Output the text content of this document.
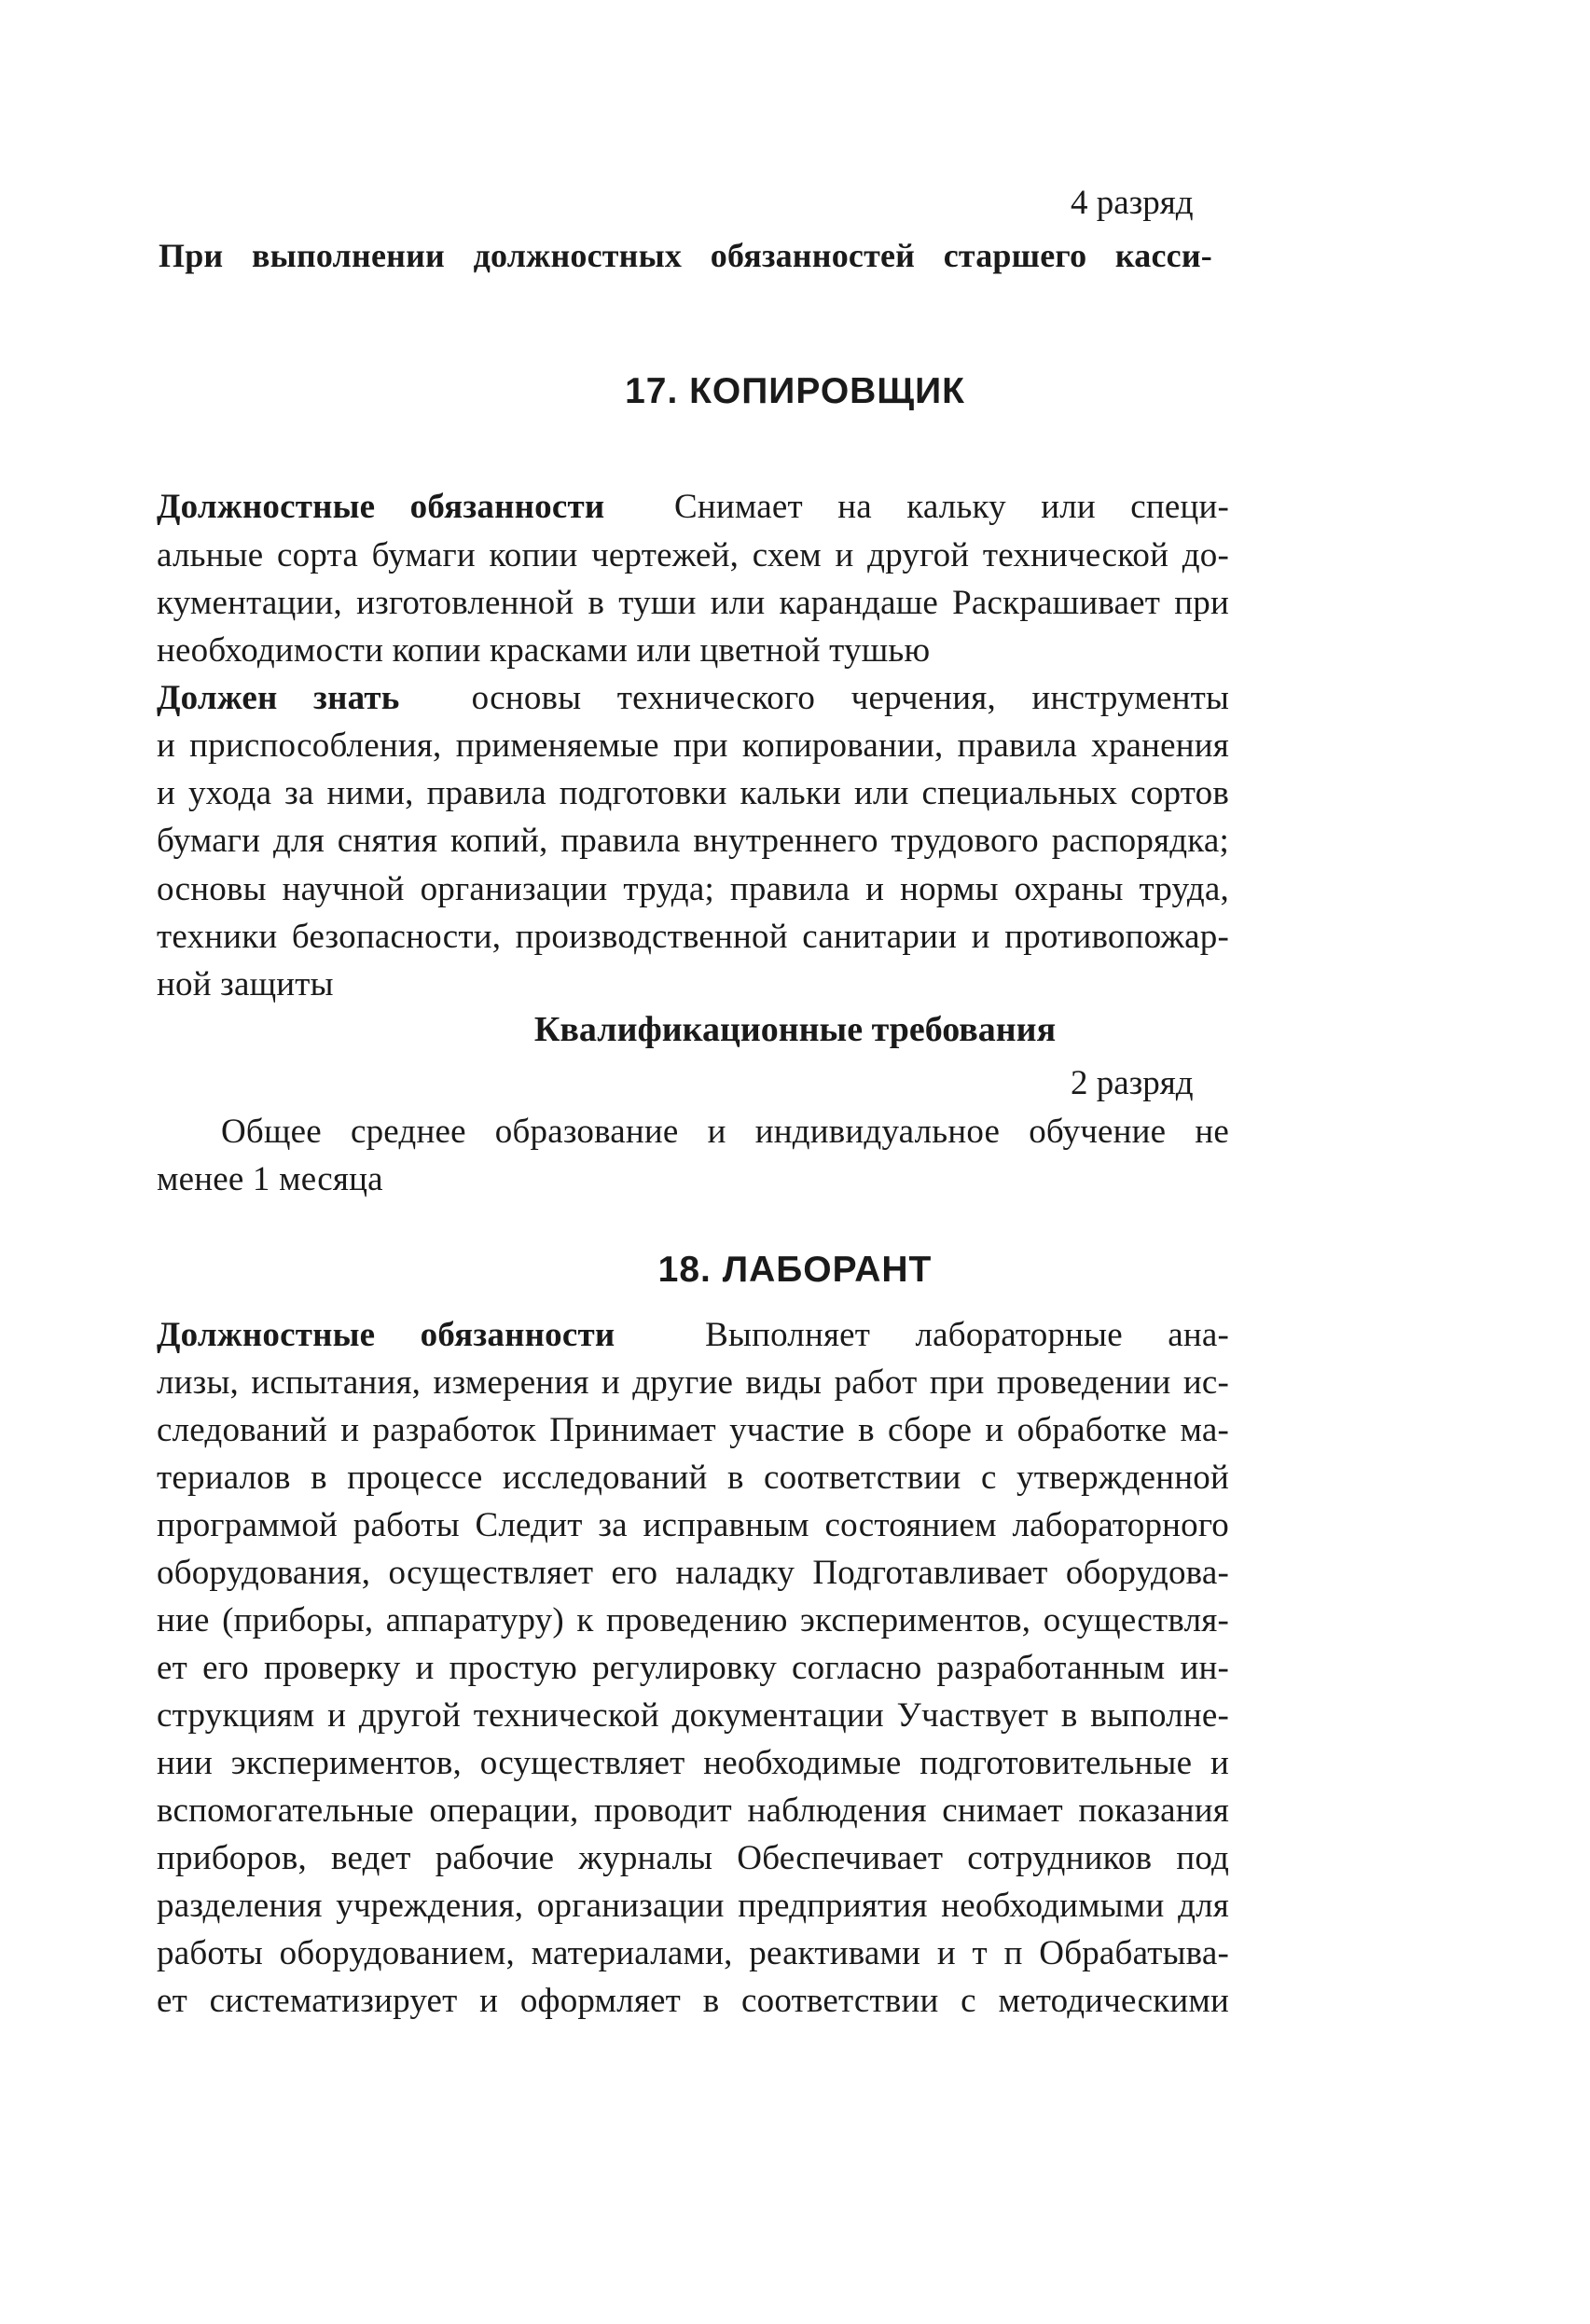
4 разряд
При выполнении должностных обязанностей старшего касси-
17. КОПИРОВЩИК
Должностные обязанности Снимает на кальку или специ-
альные сорта бумаги копии чертежей, схем и другой технической до-
кументации, изготовленной в туши или карандаше Раскрашивает при
необходимости копии красками или цветной тушью
Должен знать основы технического черчения, инструменты
и приспособления, применяемые при копировании, правила хранения
и ухода за ними, правила подготовки кальки или специальных сортов
бумаги для снятия копий, правила внутреннего трудового распорядка;
основы научной организации труда; правила и нормы охраны труда,
техники безопасности, производственной санитарии и противопожар-
ной защиты
Квалификационные требования
2 разряд
Общее среднее образование и индивидуальное обучение не
менее 1 месяца
18. ЛАБОРАНТ
Должностные обязанности	Выполняет лабораторные ана-
лизы, испытания, измерения и другие виды работ при проведении ис-
следований и разработок Принимает участие в сборе и обработке ма-
териалов в процессе исследований в соответствии с утвержденной
программой работы Следит за исправным состоянием лабораторного
оборудования, осуществляет его наладку Подготавливает оборудова-
ние (приборы, аппаратуру) к проведению экспериментов, осуществля-
ет его проверку и простую регулировку согласно разработанным ин-
струкциям и другой технической документации Участвует в выполне-
нии экспериментов, осуществляет необходимые подготовительные и
вспомогательные операции, проводит наблюдения снимает показания
приборов, ведет рабочие журналы Обеспечивает сотрудников под
разделения учреждения, организации предприятия необходимыми для
работы оборудованием, материалами, реактивами и т п Обрабатыва-
ет систематизирует и оформляет в соответствии с методическими
